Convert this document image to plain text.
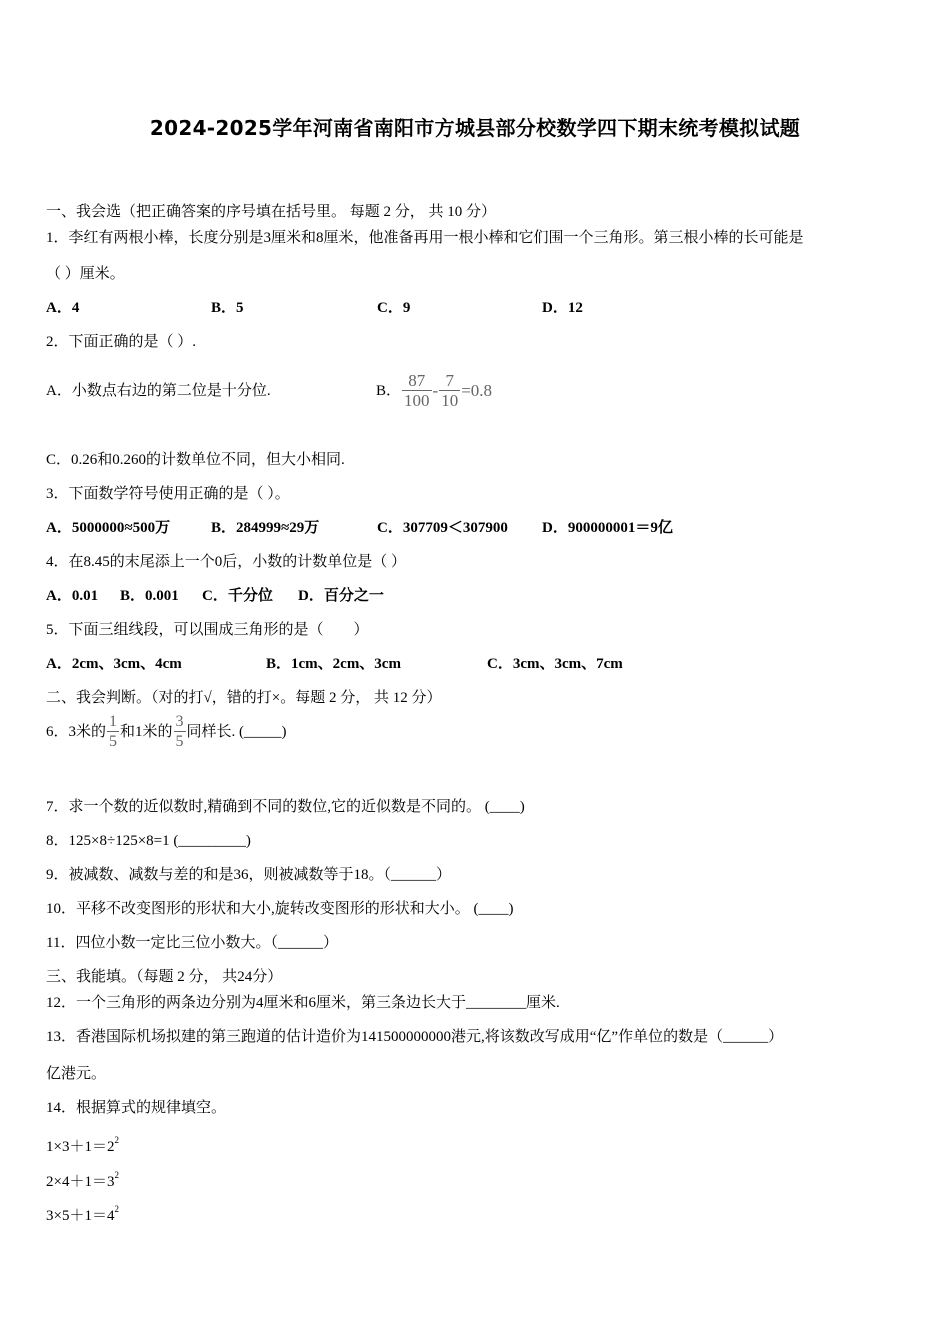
2024-2025学年河南省南阳市方城县部分校数学四下期末统考模拟试题
一、我会选（把正确答案的序号填在括号里。 每题 2 分， 共 10 分）
1．李红有两根小棒，长度分别是3厘米和8厘米，他准备再用一根小棒和它们围一个三角形。第三根小棒的长可能是
（ ）厘米。
A．4	B．5	C．9	D．12
2．下面正确的是（ ）.
A．小数点右边的第二位是十分位.	B． $\frac{87}{100} - \frac{7}{10} =0.8$
C．0.26和0.260的计数单位不同，但大小相同.
3．下面数学符号使用正确的是（ ）。
A．5000000≈500万	B．284999≈29万	C．307709＜307900	D．900000001＝9亿
4．在8.45的末尾添上一个0后，小数的计数单位是（ ）
A．0.01	B．0.001	C．千分位	D．百分之一
5．下面三组线段，可以围成三角形的是（　　）
A．2cm、3cm、4cm	B．1cm、2cm、3cm	C．3cm、3cm、7cm
二、我会判断。（对的打√，错的打×。每题 2 分， 共 12 分）
6．3米的 $\frac{1}{5}$ 和1米的 $\frac{3}{5}$ 同样长. (_____)
7．求一个数的近似数时,精确到不同的数位,它的近似数是不同的。 (____)
8．125×8÷125×8=1 (_________)
9．被减数、减数与差的和是36，则被减数等于18。（______）
10．平移不改变图形的形状和大小,旋转改变图形的形状和大小。 (____)
11．四位小数一定比三位小数大。（______）
三、我能填。（每题 2 分， 共24分）
12．一个三角形的两条边分别为4厘米和6厘米，第三条边长大于________厘米.
13．香港国际机场拟建的第三跑道的估计造价为141500000000港元,将该数改写成用“亿”作单位的数是（______）
亿港元。
14．根据算式的规律填空。
$1\times 3+1=2^2$
$2\times 4+1=3^2$
$3\times 5+1=4^2$
